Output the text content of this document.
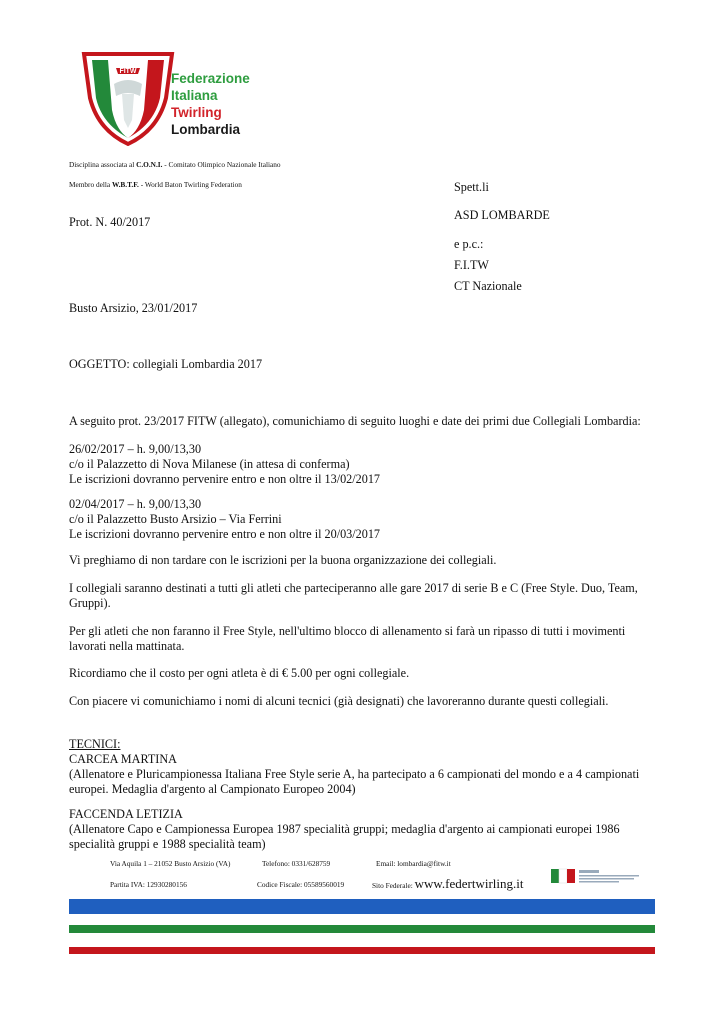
FITW	Federazione
Italiana
Twirling
Lombardia
Disciplina associata al C.O.N.I. - Comitato Olimpico Nazionale Italiano
Membro della W.B.T.F. - World Baton Twirling Federation	Spett.li
ASD LOMBARDE
e p.c.:
F.I.TW
CT Nazionale
Prot. N. 40/2017
Busto Arsizio, 23/01/2017
OGGETTO: collegiali Lombardia 2017
A seguito prot. 23/2017 FITW (allegato), comunichiamo di seguito luoghi e date dei primi due Collegiali Lombardia:
26/02/2017 – h. 9,00/13,30
c/o il Palazzetto di Nova Milanese (in attesa di conferma)
Le iscrizioni dovranno pervenire entro e non oltre il 13/02/2017
02/04/2017 – h. 9,00/13,30
c/o il Palazzetto Busto Arsizio – Via Ferrini
Le iscrizioni dovranno pervenire entro e non oltre il 20/03/2017
Vi preghiamo di non tardare con le iscrizioni per la buona organizzazione dei collegiali.
I collegiali saranno destinati a tutti gli atleti che parteciperanno alle gare 2017 di serie B e C (Free Style. Duo, Team,
Gruppi).
Per gli atleti che non faranno il Free Style, nell'ultimo blocco di allenamento si farà un ripasso di tutti i movimenti
lavorati nella mattinata.
Ricordiamo che il costo per ogni atleta è di € 5.00 per ogni collegiale.
Con piacere vi comunichiamo i nomi di alcuni tecnici (già designati) che lavoreranno durante questi collegiali.
TECNICI:
CARCEA MARTINA
(Allenatore e Pluricampionessa Italiana Free Style serie A, ha partecipato a 6 campionati del mondo e a 4 campionati
europei. Medaglia d'argento al Campionato Europeo 2004)
FACCENDA LETIZIA
(Allenatore Capo e Campionessa Europea 1987 specialità gruppi; medaglia d'argento ai campionati europei 1986
specialità gruppi e 1988 specialità team)
Via Aquila 1 – 21052 Busto Arsizio (VA)	Telefono: 0331/628759	Email: lombardia@fitw.it
Partita IVA: 12930280156	Codice Fiscale: 05589560019	Sito Federale: www.federtwirling.it
